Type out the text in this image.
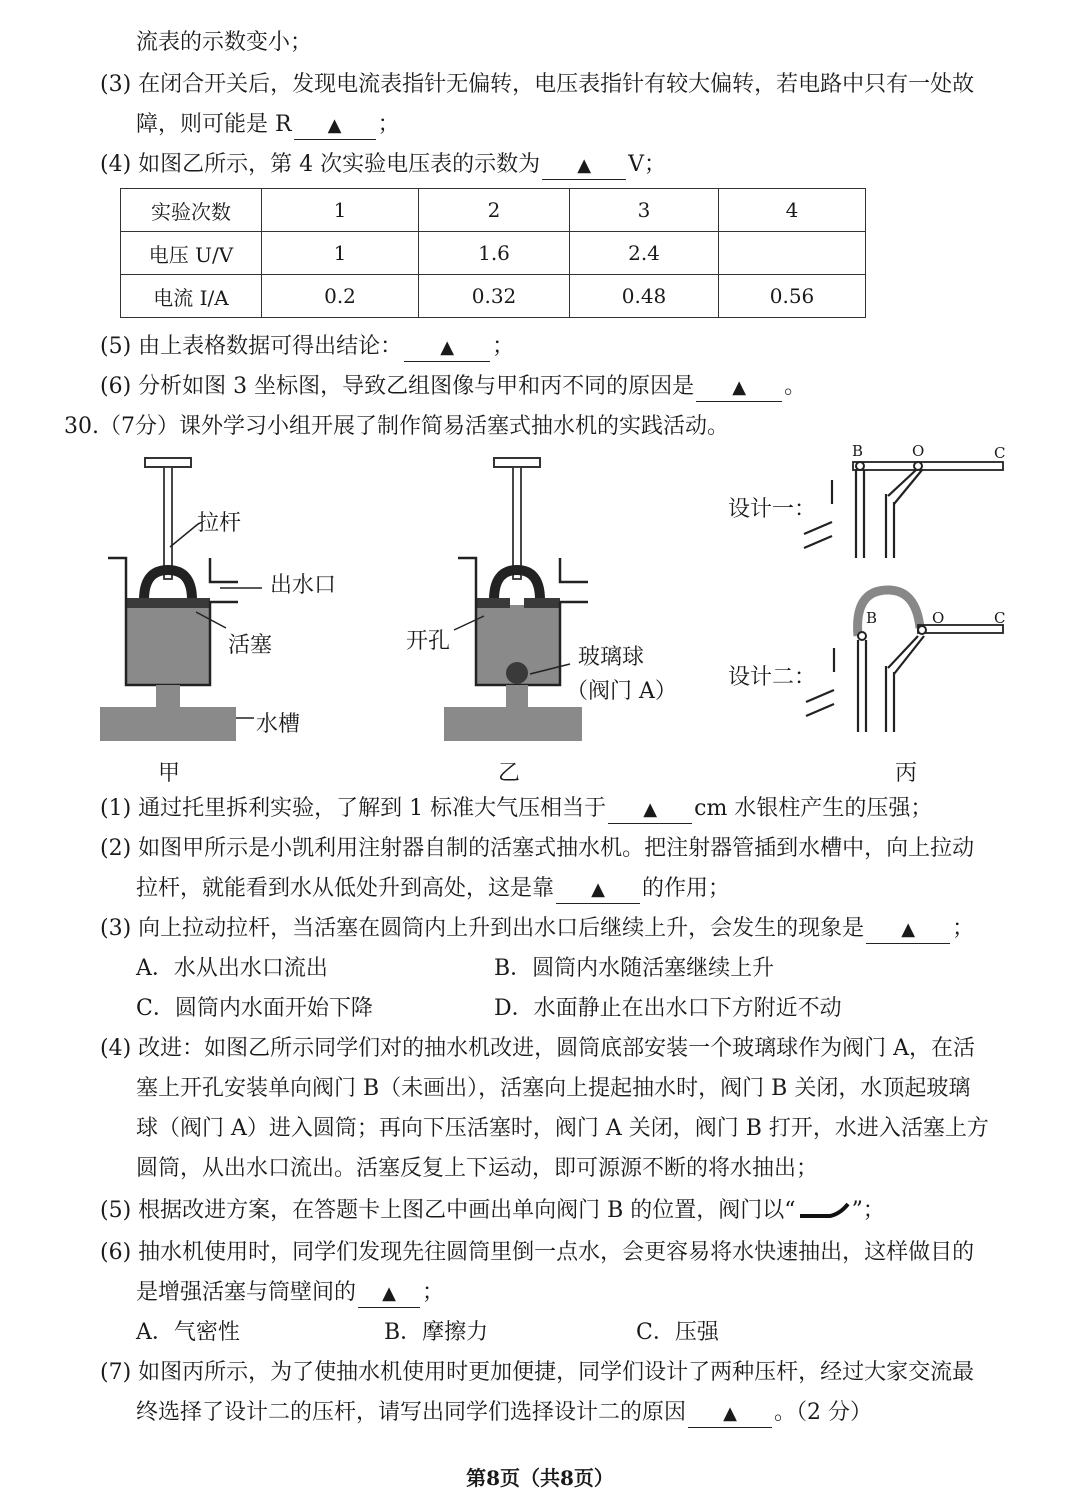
流表的示数变小；
(3) 在闭合开关后，发现电流表指针无偏转，电压表指针有较大偏转，若电路中只有一处故
障，则可能是 R ▲ ；
(4) 如图乙所示，第 4 次实验电压表的示数为 ▲ V；
实验次数	1	2	3	4
电压 U/V	1	1.6	2.4	
电流 I/A	0.2	0.32	0.48	0.56
(5) 由上表格数据可得出结论： ▲ ；
(6) 分析如图 3 坐标图，导致乙组图像与甲和丙不同的原因是 ▲ 。
30.（7分）课外学习小组开展了制作简易活塞式抽水机的实践活动。
拉杆
出水口
活塞
水槽
甲
开孔
玻璃球
（阀门 A）
乙
B	O	C
设计一：
B	O	C
设计二：
丙
(1) 通过托里拆利实验，了解到 1 标准大气压相当于 ▲ cm 水银柱产生的压强；
(2) 如图甲所示是小凯利用注射器自制的活塞式抽水机。把注射器管插到水槽中，向上拉动
拉杆，就能看到水从低处升到高处，这是靠 ▲ 的作用；
(3) 向上拉动拉杆，当活塞在圆筒内上升到出水口后继续上升，会发生的现象是 ▲ ；
A．水从出水口流出	B．圆筒内水随活塞继续上升
C．圆筒内水面开始下降	D．水面静止在出水口下方附近不动
(4) 改进：如图乙所示同学们对的抽水机改进，圆筒底部安装一个玻璃球作为阀门 A，在活
塞上开孔安装单向阀门 B（未画出），活塞向上提起抽水时，阀门 B 关闭，水顶起玻璃
球（阀门 A）进入圆筒；再向下压活塞时，阀门 A 关闭，阀门 B 打开，水进入活塞上方
圆筒，从出水口流出。活塞反复上下运动，即可源源不断的将水抽出；
(5) 根据改进方案，在答题卡上图乙中画出单向阀门 B 的位置，阀门以“	”；
(6) 抽水机使用时，同学们发现先往圆筒里倒一点水，会更容易将水快速抽出，这样做目的
是增强活塞与筒壁间的 ▲ ；
A．气密性	B．摩擦力	C．压强
(7) 如图丙所示，为了使抽水机使用时更加便捷，同学们设计了两种压杆，经过大家交流最
终选择了设计二的压杆，请写出同学们选择设计二的原因 ▲ 。（2 分）
第8页（共8页）
